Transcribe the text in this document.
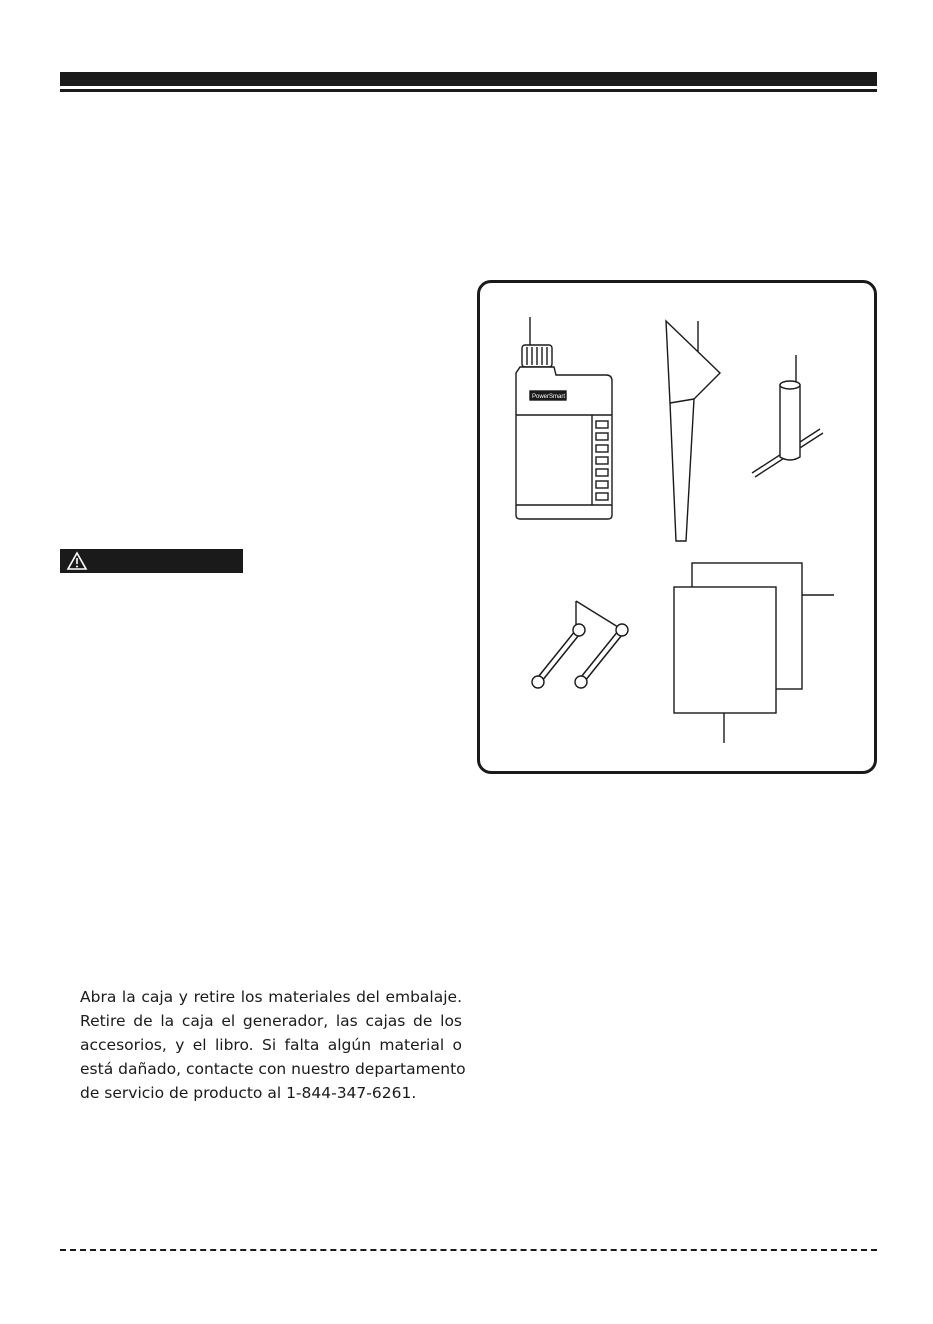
PowerSmart

Abra la caja y retire los materiales del embalaje.
Retire de la caja el generador, las cajas de los
accesorios, y el libro. Si falta algún material o
está dañado, contacte con nuestro departamento
de servicio de producto al 1-844-347-6261.
